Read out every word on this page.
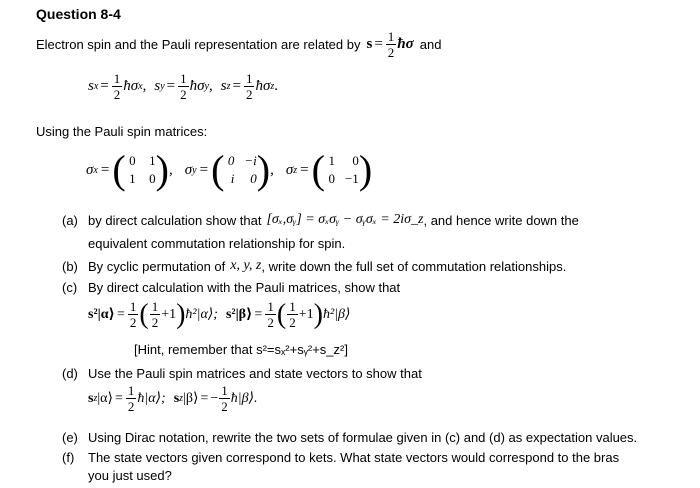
Question 8-4
Electron spin and the Pauli representation are related by $s = \frac{1}{2}$ ħσ and
s $x = \frac{1}{2}$ ħσ x , s $y = \frac{1}{2}$ ħσ y , s $z = \frac{1}{2}$ ħσ z .
Using the Pauli spin matrices:
σ x = ( 0 1
1 0 ) , σ y = ( 0 −i
i	0 ) , σ z = ( 1	0
0 −1 )
(a) by direct calculation show that [σₓ,σᵧ] = σₓσᵧ − σᵧσₓ = 2iσ_z , and hence write down the
equivalent commutation relationship for spin.
(b) By cyclic permutation of x, y, z , write down the full set of commutation relationships.
(c) By direct calculation with the Pauli matrices, show that
s²|α⟩ = $\frac{1}{2}$ ( $\frac{1}{2} +1$ ) ħ²|α⟩; s²|β⟩ = $\frac{1}{2}$ ( $\frac{1}{2} +1$ ) ħ²|β⟩
[Hint, remember that s²=sₓ²+sᵧ²+s_z²]
(d) Use the Pauli spin matrices and state vectors to show that
s z |α⟩ = $\frac{1}{2}$ ħ|α⟩; s z |β⟩ = − $\frac{1}{2}$ ħ|β⟩.
(e) Using Dirac notation, rewrite the two sets of formulae given in (c) and (d) as expectation values.
(f)	The state vectors given correspond to kets. What state vectors would correspond to the bras
you just used?
